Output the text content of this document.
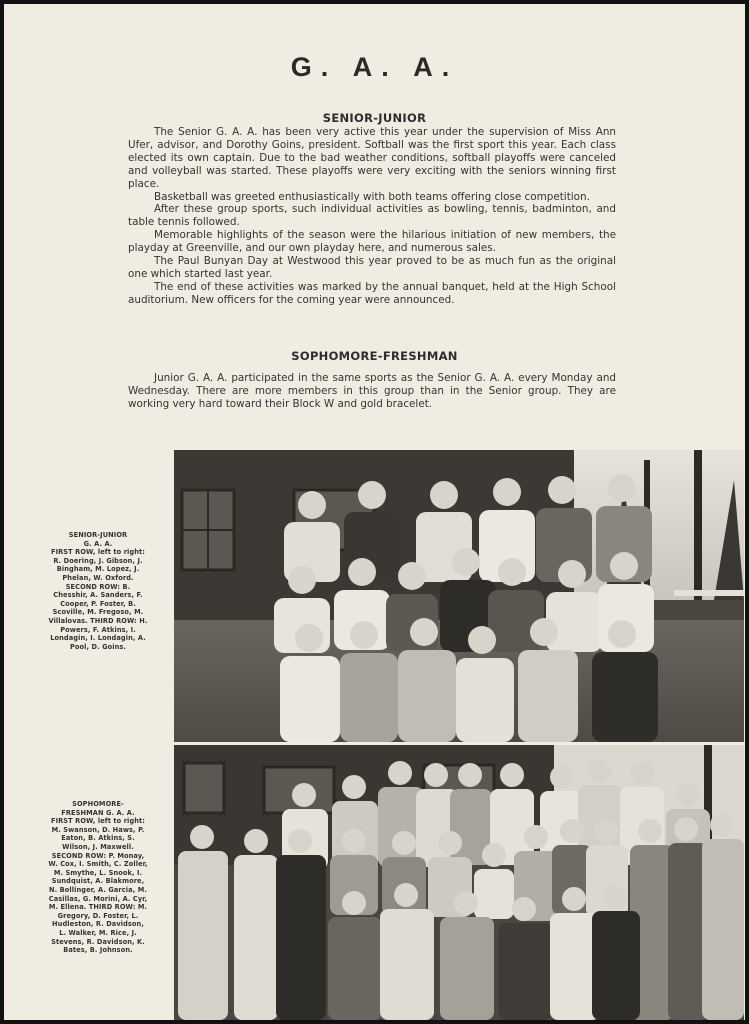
G. A. A.
SENIOR-JUNIOR

The Senior G. A. A. has been very active this year under the supervision of Miss Ann Ufer, advisor, and Dorothy Goins, president. Softball was the first sport this year. Each class elected its own captain. Due to the bad weather conditions, softball playoffs were canceled and volleyball was started. These playoffs were very exciting with the seniors winning first place.

Basketball was greeted enthusiastically with both teams offering close competition.

After these group sports, such individual activities as bowling, tennis, badminton, and table tennis followed.

Memorable highlights of the season were the hilarious initiation of new members, the playday at Greenville, and our own playday here, and numerous sales.

The Paul Bunyan Day at Westwood this year proved to be as much fun as the original one which started last year.

The end of these activities was marked by the annual banquet, held at the High School auditorium. New officers for the coming year were announced.

SOPHOMORE-FRESHMAN

Junior G. A. A. participated in the same sports as the Senior G. A. A. every Monday and Wednesday. There are more members in this group than in the Senior group. They are working very hard toward their Block W and gold bracelet.

SENIOR-JUNIOR
G. A. A.
FIRST ROW, left to right: R. Doering, J. Gibson, J. Bingham, M. Lopez, J. Phelan, W. Oxford. SECOND ROW: B. Chesshir, A. Sanders, F. Cooper, P. Foster, B. Scoville, M. Fregoso, M. Villalovas. THIRD ROW: H. Powers, F. Atkins, I. Londagin, I. Londagin, A. Pool, D. Goins.
SOPHOMORE-
FRESHMAN G. A. A.
FIRST ROW, left to right: M. Swanson, D. Haws, P. Eaton, B. Atkins, S. Wilson, J. Maxwell. SECOND ROW: P. Monay, W. Cox, I. Smith, C. Zoller, M. Smythe, L. Snook, I. Sundquist, A. Blakmore, N. Bollinger, A. Garcia, M. Casillas, G. Morini, A. Cyr, M. Ellena. THIRD ROW: M. Gregory, D. Foster, L. Hudleston, R. Davidson, L. Walker, M. Rice, J. Stevens, R. Davidson, K. Bates, B. Johnson.
